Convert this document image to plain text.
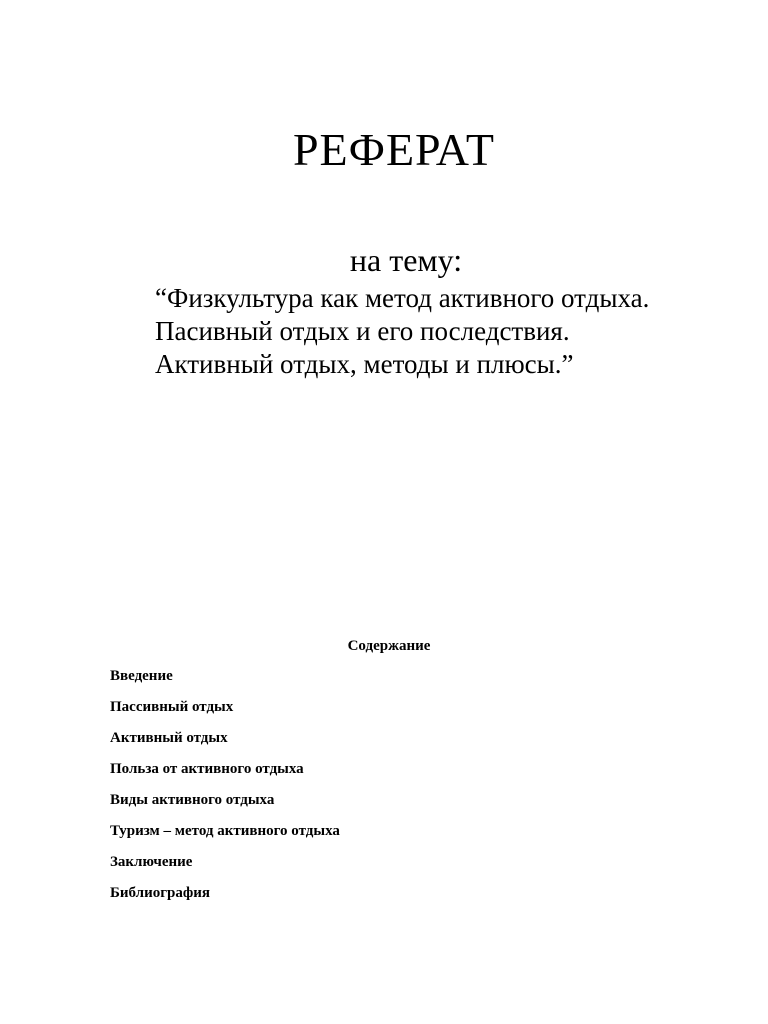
РЕФЕРАТ
на тему:
“Физкультура как метод активного отдыха.
Пасивный отдых и его последствия.
Активный отдых, методы и плюсы.”
Содержание
Введение
Пассивный отдых
Активный отдых
Польза от активного отдыха
Виды активного отдыха
Туризм – метод активного отдыха
Заключение
Библиография
